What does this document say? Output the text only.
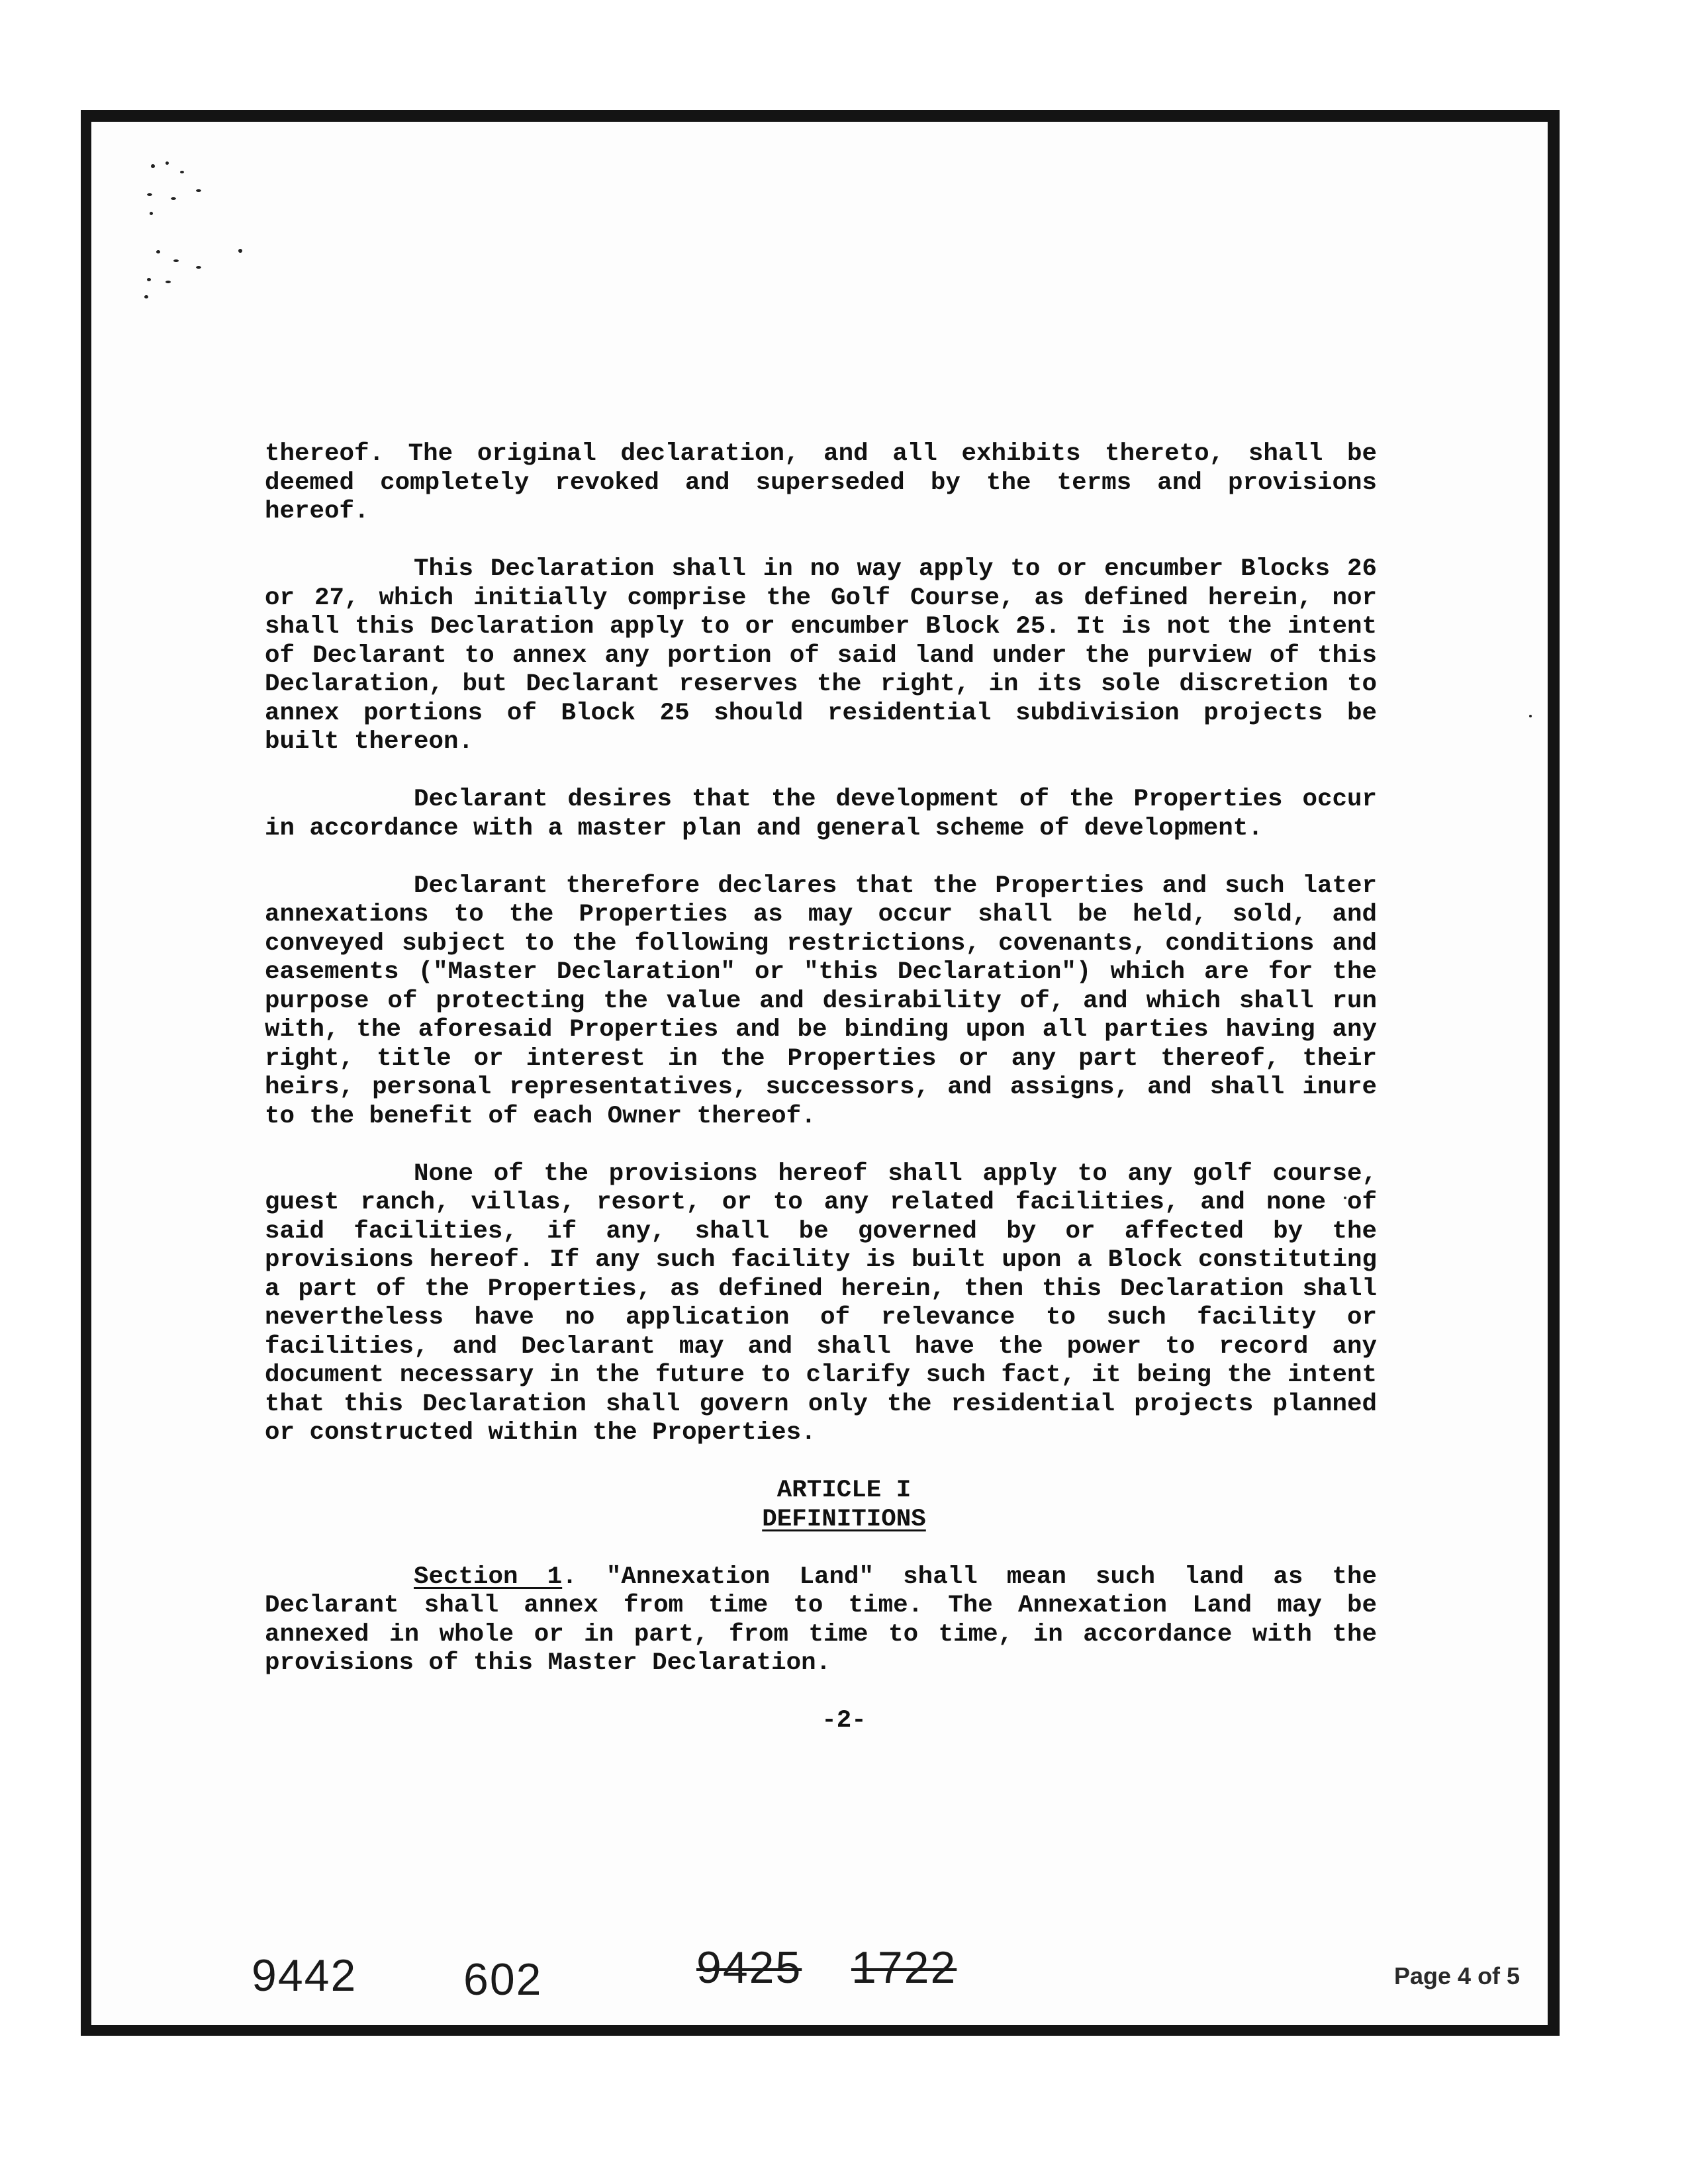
thereof. The original declaration, and all exhibits thereto, shall be deemed completely revoked and superseded by the terms and provisions hereof.

This Declaration shall in no way apply to or encumber Blocks 26 or 27, which initially comprise the Golf Course, as defined herein, nor shall this Declaration apply to or encumber Block 25. It is not the intent of Declarant to annex any portion of said land under the purview of this Declaration, but Declarant reserves the right, in its sole discretion to annex portions of Block 25 should residential subdivision projects be built thereon.

Declarant desires that the development of the Properties occur in accordance with a master plan and general scheme of development.

Declarant therefore declares that the Properties and such later annexations to the Properties as may occur shall be held, sold, and conveyed subject to the following restrictions, covenants, conditions and easements ("Master Declaration" or "this Declaration") which are for the purpose of protecting the value and desirability of, and which shall run with, the aforesaid Properties and be binding upon all parties having any right, title or interest in the Properties or any part thereof, their heirs, personal representatives, successors, and assigns, and shall inure to the benefit of each Owner thereof.

None of the provisions hereof shall apply to any golf course, guest ranch, villas, resort, or to any related facilities, and none of said facilities, if any, shall be governed by or affected by the provisions hereof. If any such facility is built upon a Block constituting a part of the Properties, as defined herein, then this Declaration shall nevertheless have no application of relevance to such facility or facilities, and Declarant may and shall have the power to record any document necessary in the future to clarify such fact, it being the intent that this Declaration shall govern only the residential projects planned or constructed within the Properties.

ARTICLE I

DEFINITIONS

Section 1. "Annexation Land" shall mean such land as the Declarant shall annex from time to time. The Annexation Land may be annexed in whole or in part, from time to time, in accordance with the provisions of this Master Declaration.

-2-

9442 602	9425 1722	Page 4 of 5
